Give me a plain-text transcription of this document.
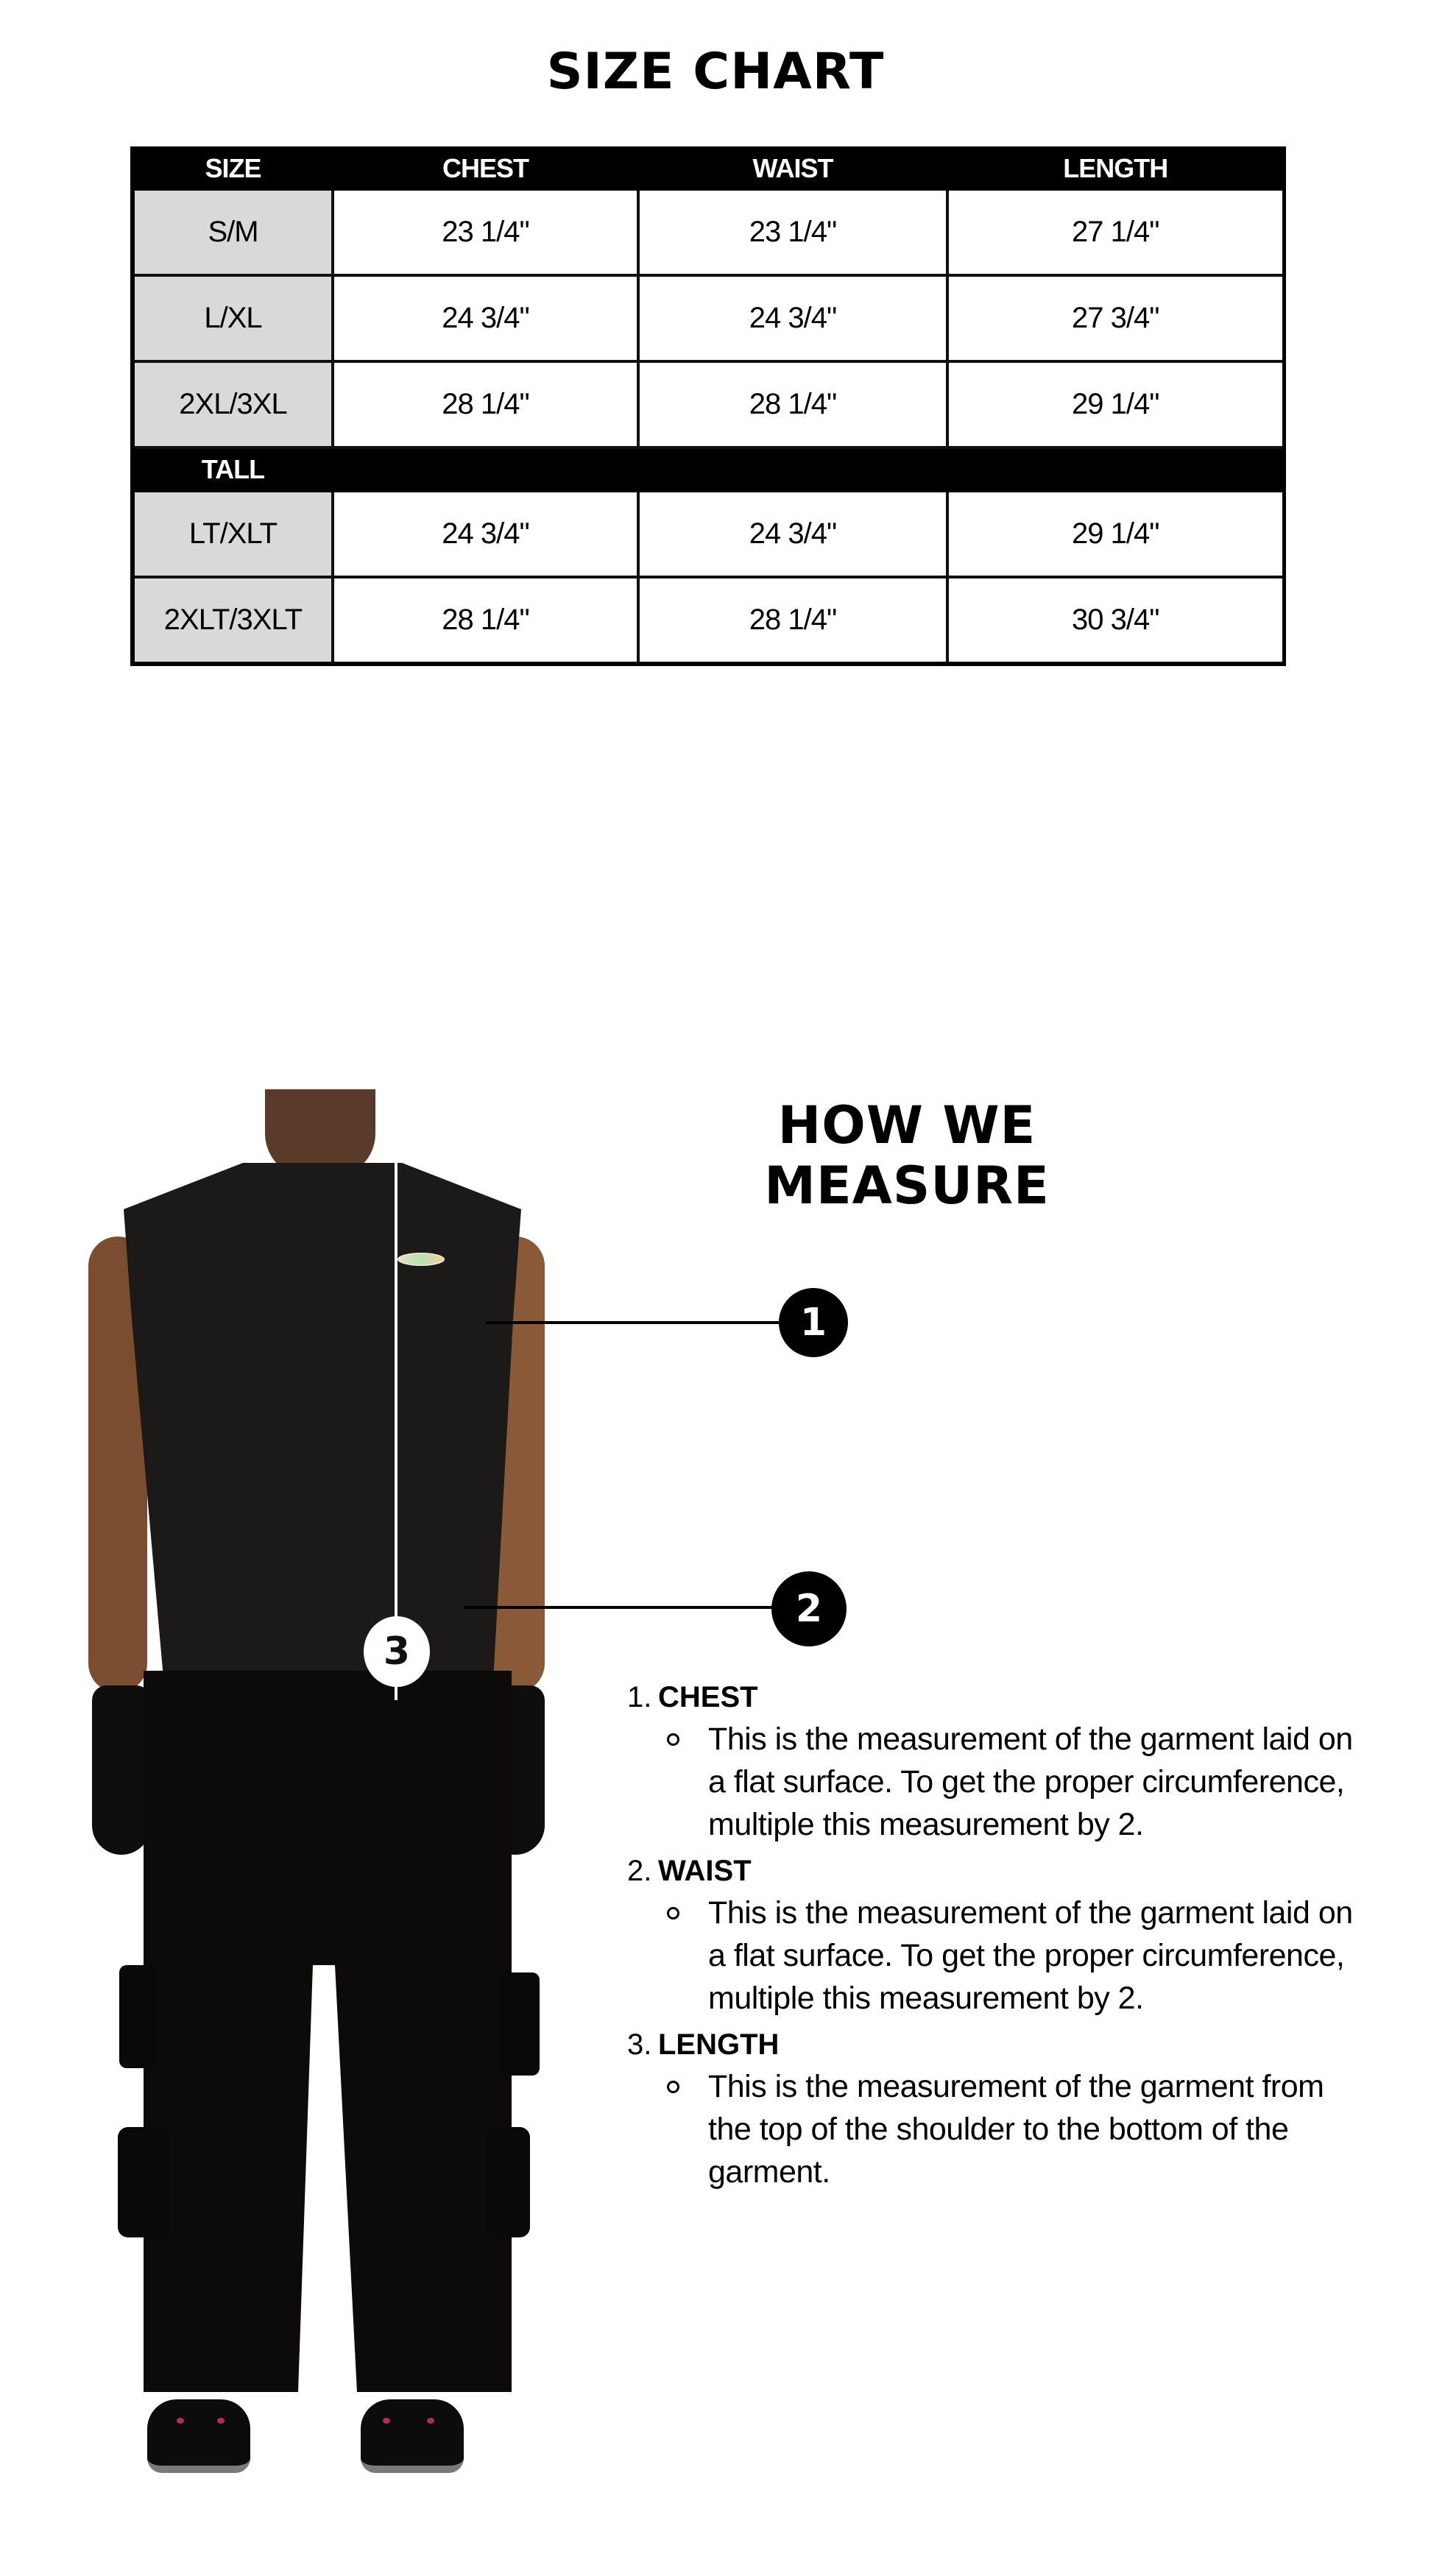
SIZE CHART
SIZE	CHEST	WAIST	LENGTH
S/M	23 1/4"	23 1/4"	27 1/4"
L/XL	24 3/4"	24 3/4"	27 3/4"
2XL/3XL	28 1/4"	28 1/4"	29 1/4"
TALL			
LT/XLT	24 3/4"	24 3/4"	29 1/4"
2XLT/3XLT	28 1/4"	28 1/4"	30 3/4"
HOW WE MEASURE
1
2
3
1. CHEST
This is the measurement of the garment laid on a flat surface. To get the proper circumference, multiple this measurement by 2.
2. WAIST
This is the measurement of the garment laid on a flat surface. To get the proper circumference, multiple this measurement by 2.
3. LENGTH
This is the measurement of the garment from the top of the shoulder to the bottom of the garment.
